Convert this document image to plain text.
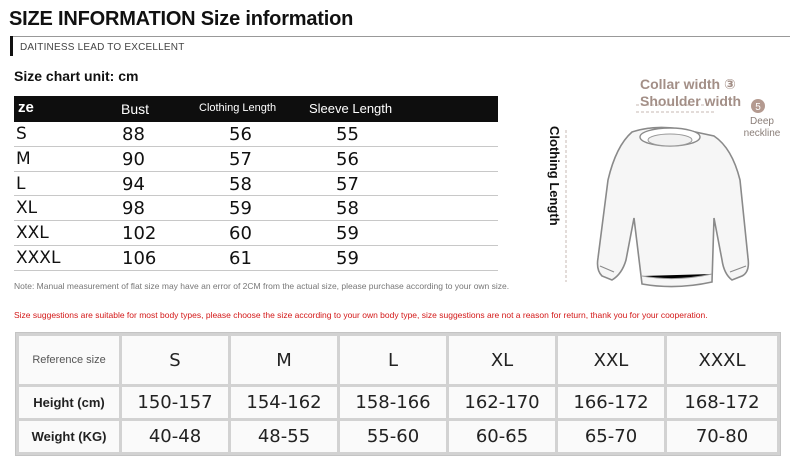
SIZE INFORMATION Size information
DAITINESS LEAD TO EXCELLENT
Size chart unit: cm
ze	Bust	Clothing Length	Sleeve Length
S	88	56	55
M	90	57	56
L	94	58	57
XL	98	59	58
XXL	102	60	59
XXXL	106	61	59
Note: Manual measurement of flat size may have an error of 2CM from the actual size, please purchase according to your own size.
Size suggestions are suitable for most body types, please choose the size according to your own body type, size suggestions are not a reason for return, thank you for your cooperation.
Reference size	S	M	L	XL	XXL	XXXL
Height (cm)	150-157	154-162	158-166	162-170	166-172	168-172
Weight (KG)	40-48	48-55	55-60	60-65	65-70	70-80
5
Collar width ③
Shoulder width
Deep neckline
Clothing Length
